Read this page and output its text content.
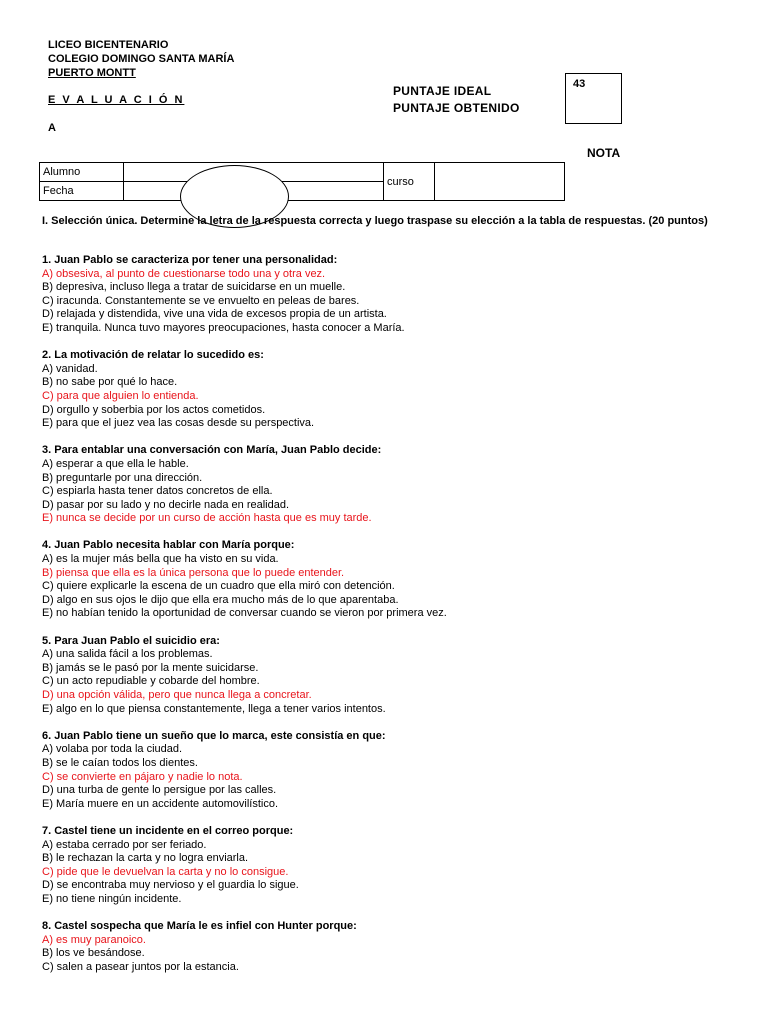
LICEO BICENTENARIO
COLEGIO DOMINGO SANTA MARÍA
PUERTO MONTT
E V A L U A C I Ó N
A
PUNTAJE IDEAL
PUNTAJE OBTENIDO
43
NOTA
Alumno		curso	
Fecha			
I. Selección única. Determine la letra de la respuesta correcta y luego traspase su elección a la tabla de respuestas. (20 puntos)
1. Juan Pablo se caracteriza por tener una personalidad:
A) obsesiva, al punto de cuestionarse todo una y otra vez.
B) depresiva, incluso llega a tratar de suicidarse en un muelle.
C) iracunda. Constantemente se ve envuelto en peleas de bares.
D) relajada y distendida, vive una vida de excesos propia de un artista.
E) tranquila. Nunca tuvo mayores preocupaciones, hasta conocer a María.
2. La motivación de relatar lo sucedido es:
A) vanidad.
B) no sabe por qué lo hace.
C) para que alguien lo entienda.
D) orgullo y soberbia por los actos cometidos.
E) para que el juez vea las cosas desde su perspectiva.
3. Para entablar una conversación con María, Juan Pablo decide:
A) esperar a que ella le hable.
B) preguntarle por una dirección.
C) espiarla hasta tener datos concretos de ella.
D) pasar por su lado y no decirle nada en realidad.
E) nunca se decide por un curso de acción hasta que es muy tarde.
4. Juan Pablo necesita hablar con María porque:
A) es la mujer más bella que ha visto en su vida.
B) piensa que ella es la única persona que lo puede entender.
C) quiere explicarle la escena de un cuadro que ella miró con detención.
D) algo en sus ojos le dijo que ella era mucho más de lo que aparentaba.
E) no habían tenido la oportunidad de conversar cuando se vieron por primera vez.
5. Para Juan Pablo el suicidio era:
A) una salida fácil a los problemas.
B) jamás se le pasó por la mente suicidarse.
C) un acto repudiable y cobarde del hombre.
D) una opción válida, pero que nunca llega a concretar.
E) algo en lo que piensa constantemente, llega a tener varios intentos.
6. Juan Pablo tiene un sueño que lo marca, este consistía en que:
A) volaba por toda la ciudad.
B) se le caían todos los dientes.
C) se convierte en pájaro y nadie lo nota.
D) una turba de gente lo persigue por las calles.
E) María muere en un accidente automovilístico.
7. Castel tiene un incidente en el correo porque:
A) estaba cerrado por ser feriado.
B) le rechazan la carta y no logra enviarla.
C) pide que le devuelvan la carta y no lo consigue.
D) se encontraba muy nervioso y el guardia lo sigue.
E) no tiene ningún incidente.
8. Castel sospecha que María le es infiel con Hunter porque:
A) es muy paranoico.
B) los ve besándose.
C) salen a pasear juntos por la estancia.
